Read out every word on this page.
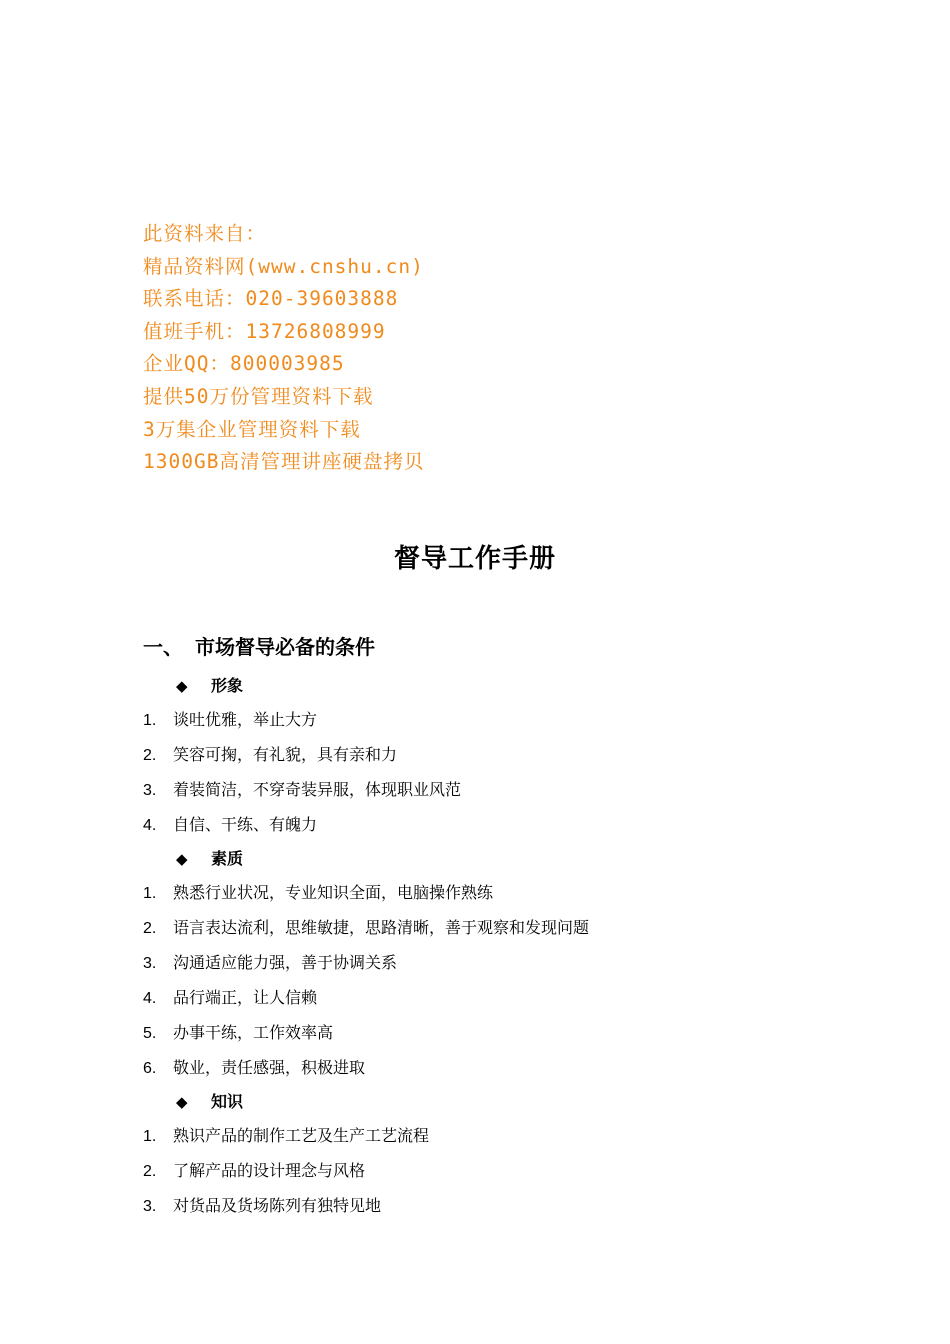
此资料来自：
精品资料网(www.cnshu.cn)
联系电话：020-39603888
值班手机：13726808999
企业QQ：800003985
提供50万份管理资料下载
3万集企业管理资料下载
1300GB高清管理讲座硬盘拷贝
督导工作手册
一、 市场督导必备的条件
◆ 形象
1. 谈吐优雅，举止大方
2. 笑容可掬，有礼貌，具有亲和力
3. 着装简洁，不穿奇装异服，体现职业风范
4. 自信、干练、有魄力
◆ 素质
1. 熟悉行业状况，专业知识全面，电脑操作熟练
2. 语言表达流利，思维敏捷，思路清晰，善于观察和发现问题
3. 沟通适应能力强，善于协调关系
4. 品行端正，让人信赖
5. 办事干练，工作效率高
6. 敬业，责任感强，积极进取
◆ 知识
1. 熟识产品的制作工艺及生产工艺流程
2. 了解产品的设计理念与风格
3. 对货品及货场陈列有独特见地
